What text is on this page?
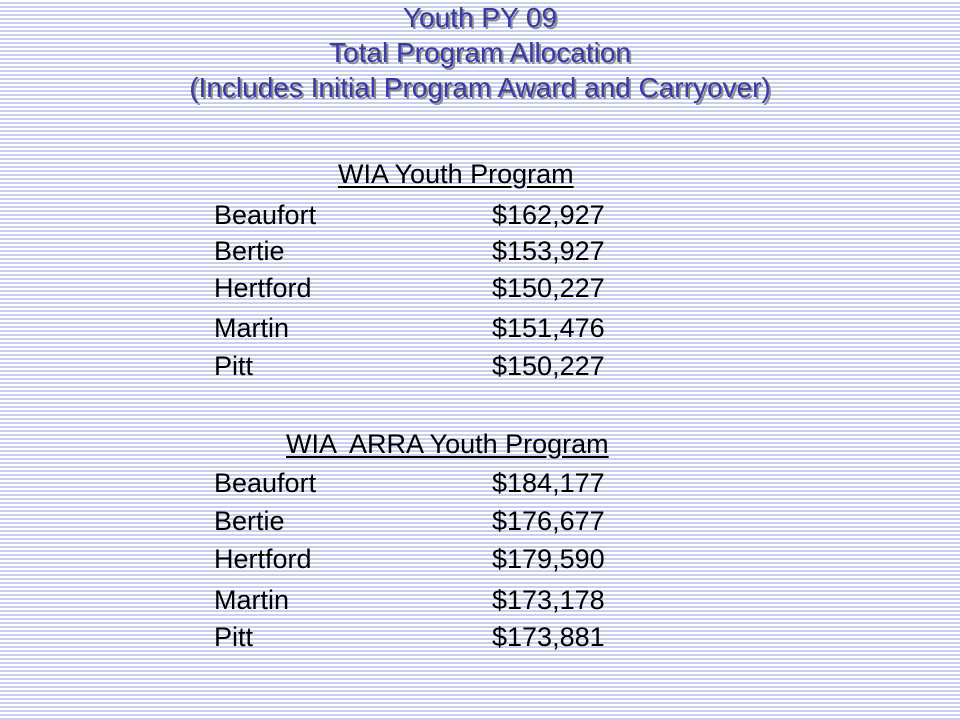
Youth PY 09
Total Program Allocation
(Includes Initial Program Award and Carryover)
WIA Youth Program
Beaufort	$162,927
Bertie	$153,927
Hertford	$150,227
Martin	$151,476
Pitt	$150,227
WIA  ARRA Youth Program
Beaufort	$184,177
Bertie	$176,677
Hertford	$179,590
Martin	$173,178
Pitt	$173,881
